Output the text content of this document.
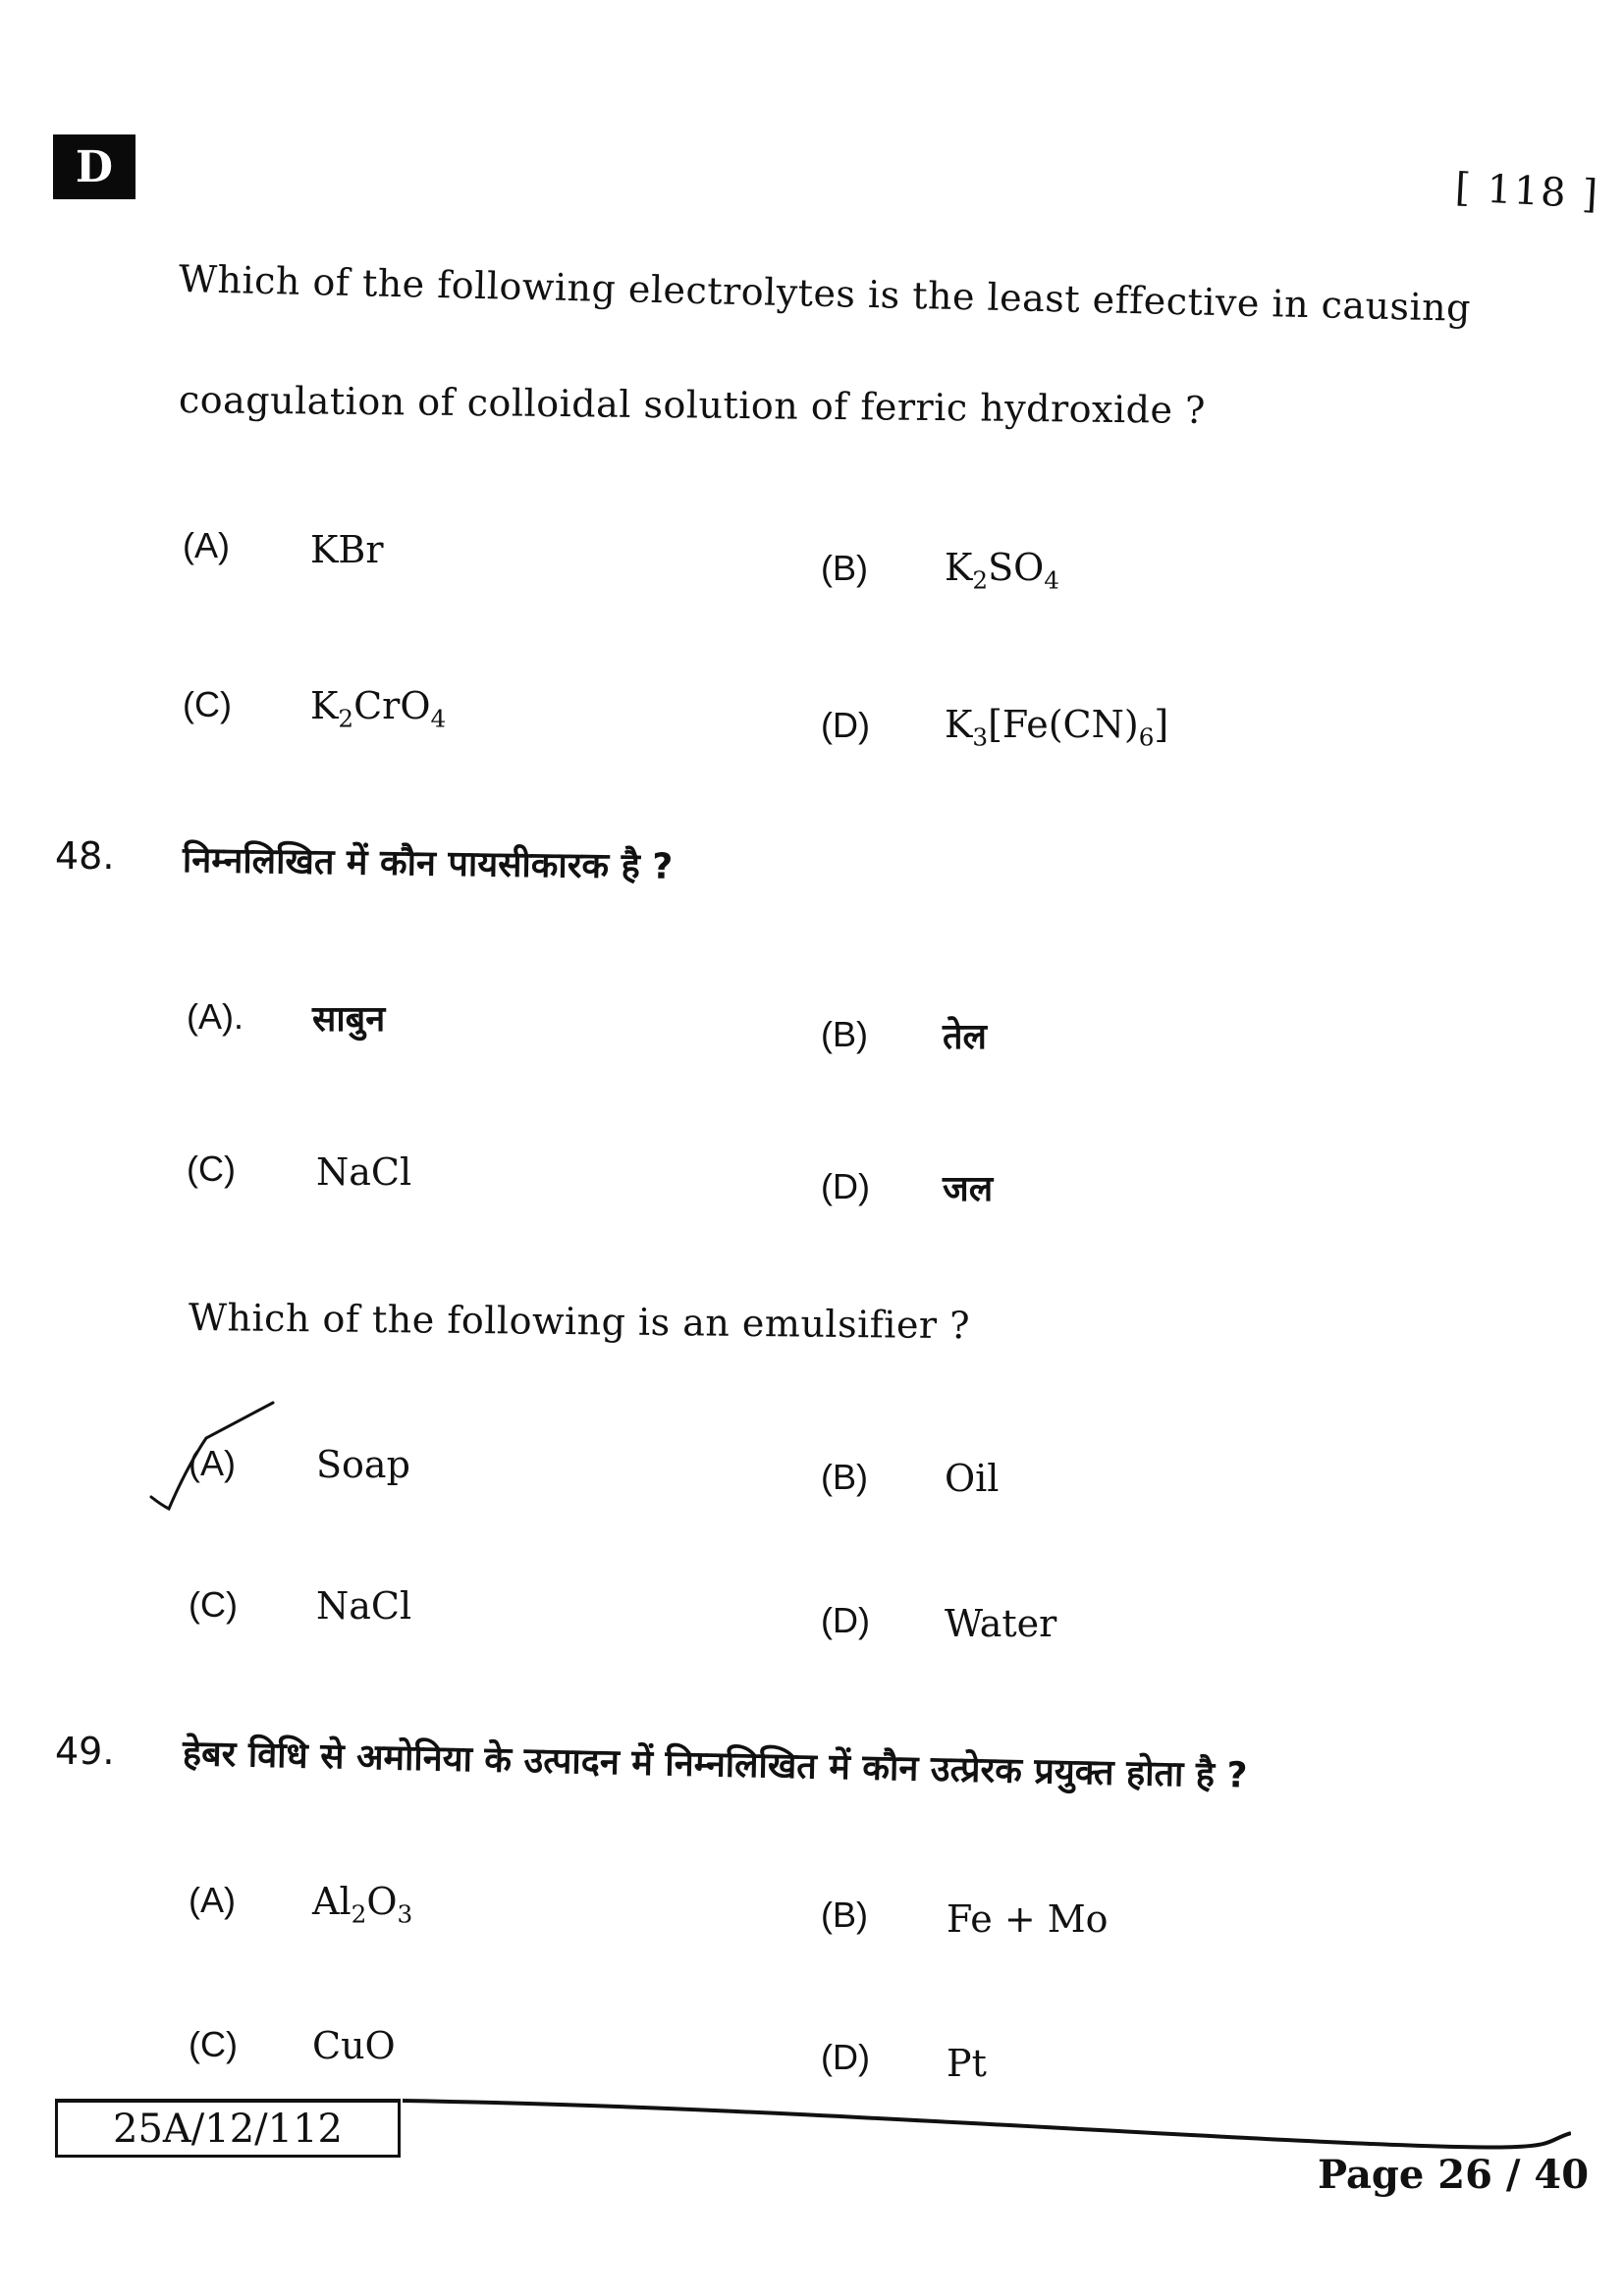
D	[ 118 ]
Which of the following electrolytes is the least effective in causing
coagulation of colloidal solution of ferric hydroxide ?
(A) KBr	(B) $K_2SO_4$
(C) $K_2CrO_4$	(D) $K_3[Fe(CN)_6]$
48. निम्नलिखित में कौन पायसीकारक है ?
(A). साबुन	(B) तेल
(C) NaCl	(D) जल
Which of the following is an emulsifier ?
(A) Soap	(B) Oil
(C) NaCl	(D) Water
49. हेबर विधि से अमोनिया के उत्पादन में निम्नलिखित में कौन उत्प्रेरक प्रयुक्त होता है ?
(A) $Al_2O_3$	(B) Fe + Mo
(C) CuO	(D) Pt
25A/12/112
Page 26 / 40
